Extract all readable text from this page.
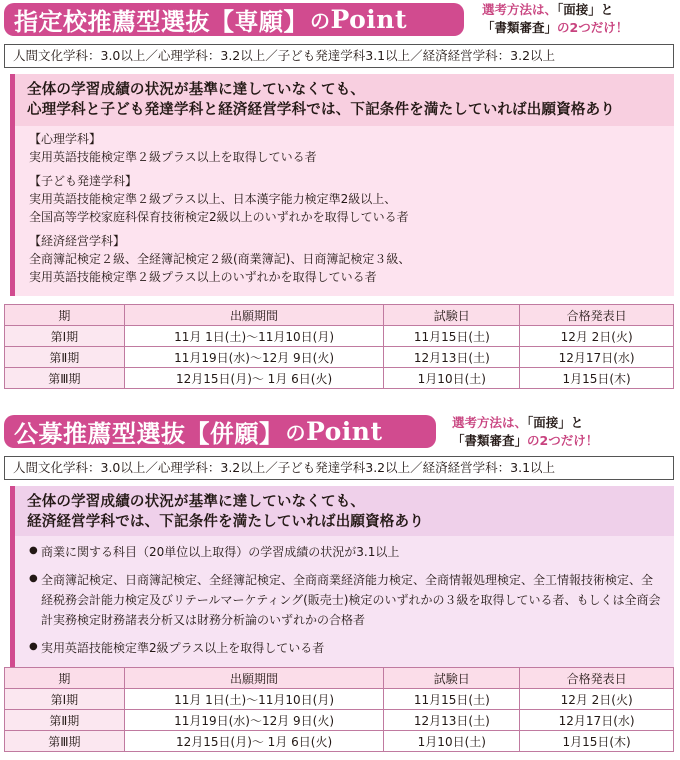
指定校推薦型選抜【専願】 の Point	選考方法は、「面接」と
「書類審査」の2つだけ！
人間文化学科：3.0以上／心理学科：3.2以上／子ども発達学科3.1以上／経済経営学科：3.2以上
全体の学習成績の状況が基準に達していなくても、
心理学科と子ども発達学科と経済経営学科では、下記条件を満たしていれば出願資格あり
【心理学科】
実用英語技能検定準２級プラス以上を取得している者
【子ども発達学科】
実用英語技能検定準２級プラス以上、日本漢字能力検定準2級以上、
全国高等学校家庭科保育技術検定2級以上のいずれかを取得している者
【経済経営学科】
全商簿記検定２級、全経簿記検定２級(商業簿記)、日商簿記検定３級、
実用英語技能検定準２級プラス以上のいずれかを取得している者
期	出願期間	試験日	合格発表日
第Ⅰ期	11月 1日(土)〜11月10日(月)	11月15日(土)	12月 2日(火)
第Ⅱ期	11月19日(水)〜12月 9日(火)	12月13日(土)	12月17日(水)
第Ⅲ期	12月15日(月)〜 1月 6日(火)	1月10日(土)	1月15日(木)
公募推薦型選抜【併願】 の Point	選考方法は、「面接」と
「書類審査」の2つだけ！
人間文化学科：3.0以上／心理学科：3.2以上／子ども発達学科3.2以上／経済経営学科：3.1以上
全体の学習成績の状況が基準に達していなくても、
経済経営学科では、下記条件を満たしていれば出願資格あり
● 商業に関する科目（20単位以上取得）の学習成績の状況が3.1以上
● 全商簿記検定、日商簿記検定、全経簿記検定、全商商業経済能力検定、全商情報処理検定、全工情報技術検定、全経税務会計能力検定及びリテールマーケティング(販売士)検定のいずれかの３級を取得している者、もしくは全商会計実務検定財務諸表分析又は財務分析論のいずれかの合格者
● 実用英語技能検定準2級プラス以上を取得している者
期	出願期間	試験日	合格発表日
第Ⅰ期	11月 1日(土)〜11月10日(月)	11月15日(土)	12月 2日(火)
第Ⅱ期	11月19日(水)〜12月 9日(火)	12月13日(土)	12月17日(水)
第Ⅲ期	12月15日(月)〜 1月 6日(火)	1月10日(土)	1月15日(木)
